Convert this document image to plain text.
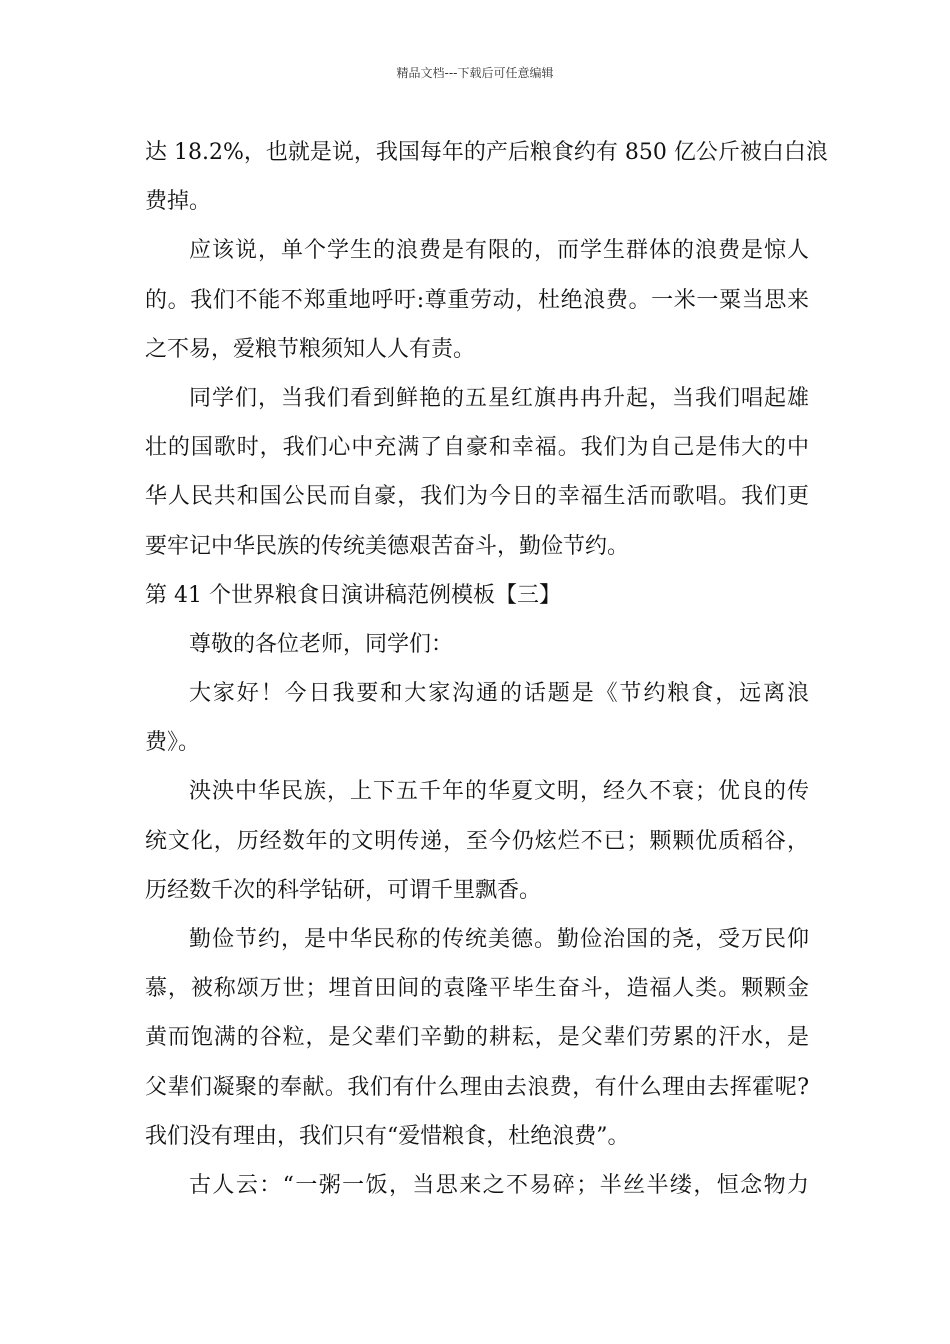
精品文档---下载后可任意编辑
达 18.2%，也就是说，我国每年的产后粮食约有 850 亿公斤被白白浪
费掉。
应该说，单个学生的浪费是有限的，而学生群体的浪费是惊人
的。我们不能不郑重地呼吁:尊重劳动，杜绝浪费。一米一粟当思来
之不易，爱粮节粮须知人人有责。
同学们，当我们看到鲜艳的五星红旗冉冉升起，当我们唱起雄
壮的国歌时，我们心中充满了自豪和幸福。我们为自己是伟大的中
华人民共和国公民而自豪，我们为今日的幸福生活而歌唱。我们更
要牢记中华民族的传统美德艰苦奋斗，勤俭节约。
第 41 个世界粮食日演讲稿范例模板【三】
尊敬的各位老师，同学们：
大家好！今日我要和大家沟通的话题是《节约粮食，远离浪
费》。
泱泱中华民族，上下五千年的华夏文明，经久不衰；优良的传
统文化，历经数年的文明传递，至今仍炫烂不已；颗颗优质稻谷，
历经数千次的科学钻研，可谓千里飘香。
勤俭节约，是中华民称的传统美德。勤俭治国的尧，受万民仰
慕，被称颂万世；埋首田间的袁隆平毕生奋斗，造福人类。颗颗金
黄而饱满的谷粒，是父辈们辛勤的耕耘，是父辈们劳累的汗水，是
父辈们凝聚的奉献。我们有什么理由去浪费，有什么理由去挥霍呢?
我们没有理由，我们只有“爱惜粮食，杜绝浪费”。
古人云：“一粥一饭，当思来之不易碎；半丝半缕，恒念物力
